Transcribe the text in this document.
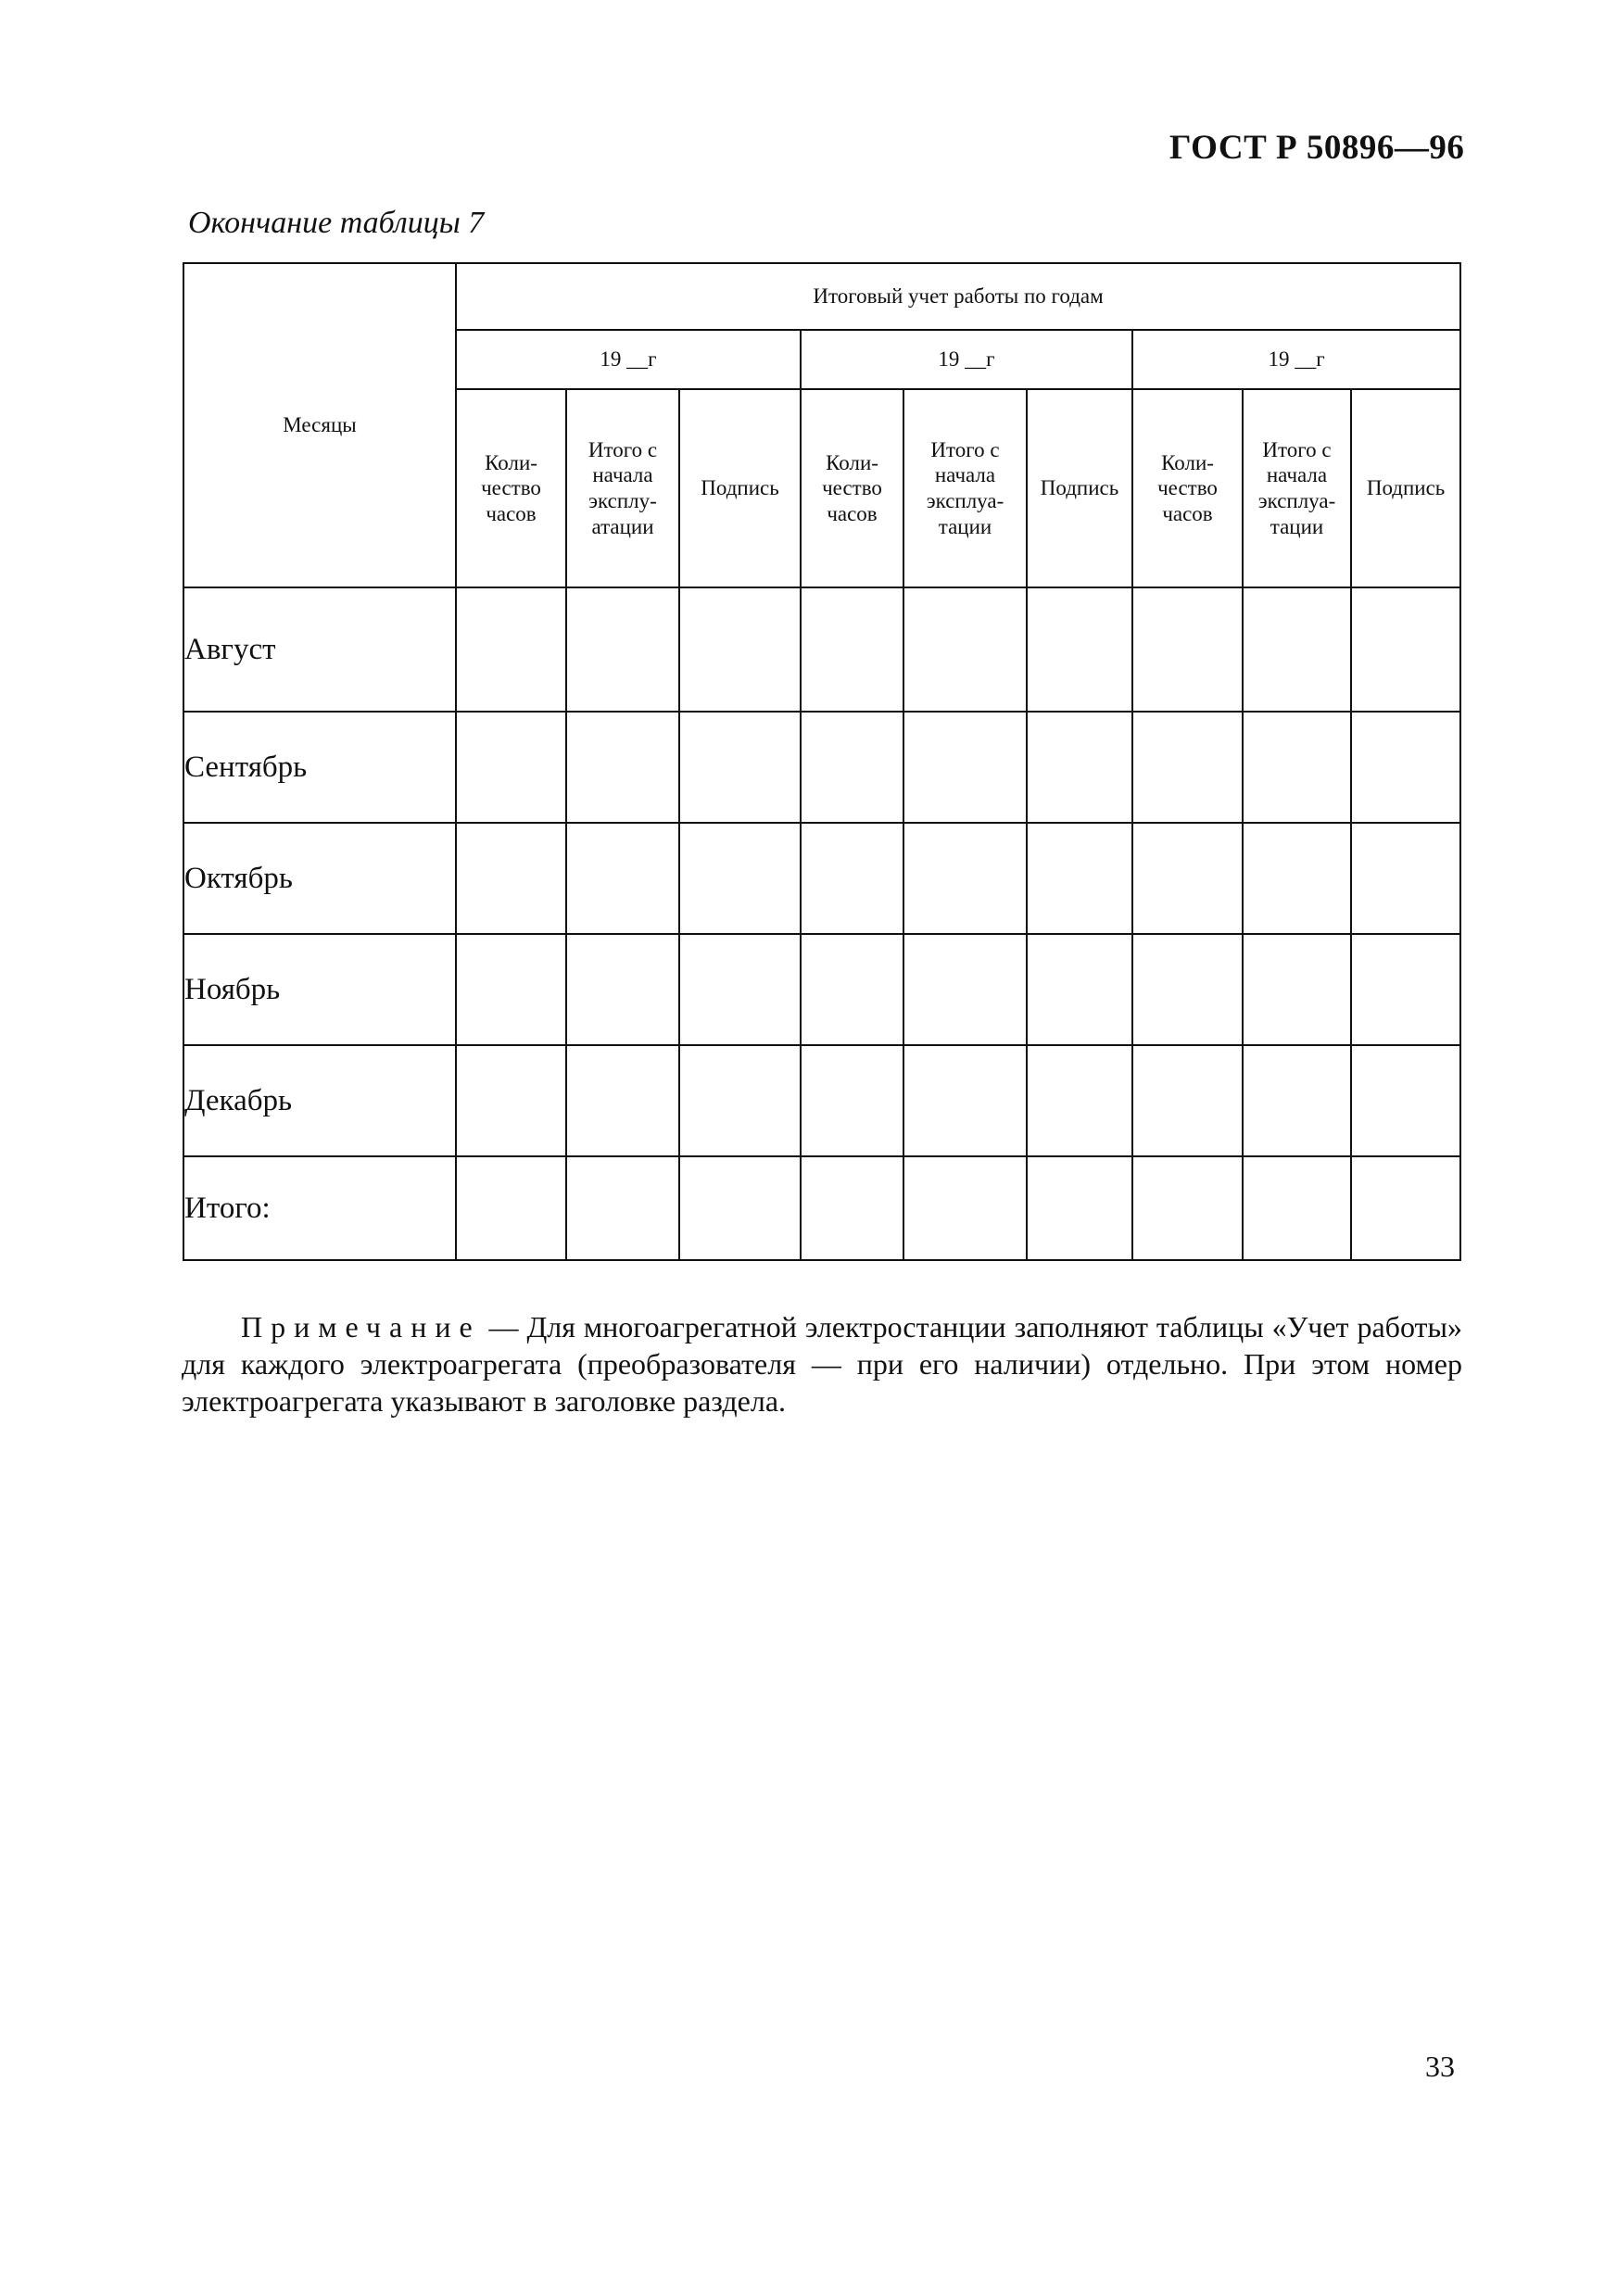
ГОСТ Р 50896—96
Окончание таблицы 7
Месяцы	Итоговый учет работы по годам								
	19 __г			19 __г			19 __г		
	Коли-
чество
часов	Итого с
начала
эксплу-
атации	Подпись	Коли-
чество
часов	Итого с
начала
эксплуа-
тации	Подпись	Коли-
чество
часов	Итого с
начала
эксплуа-
тации	Подпись
Август									
Сентябрь									
Октябрь									
Ноябрь									
Декабрь									
Итого:									
Примечание — Для многоагрегатной электростанции заполняют таблицы «Учет работы» для каждого электроагрегата (преобразователя — при его наличии) отдельно. При этом номер электроагрегата указывают в заголовке раздела.
33
